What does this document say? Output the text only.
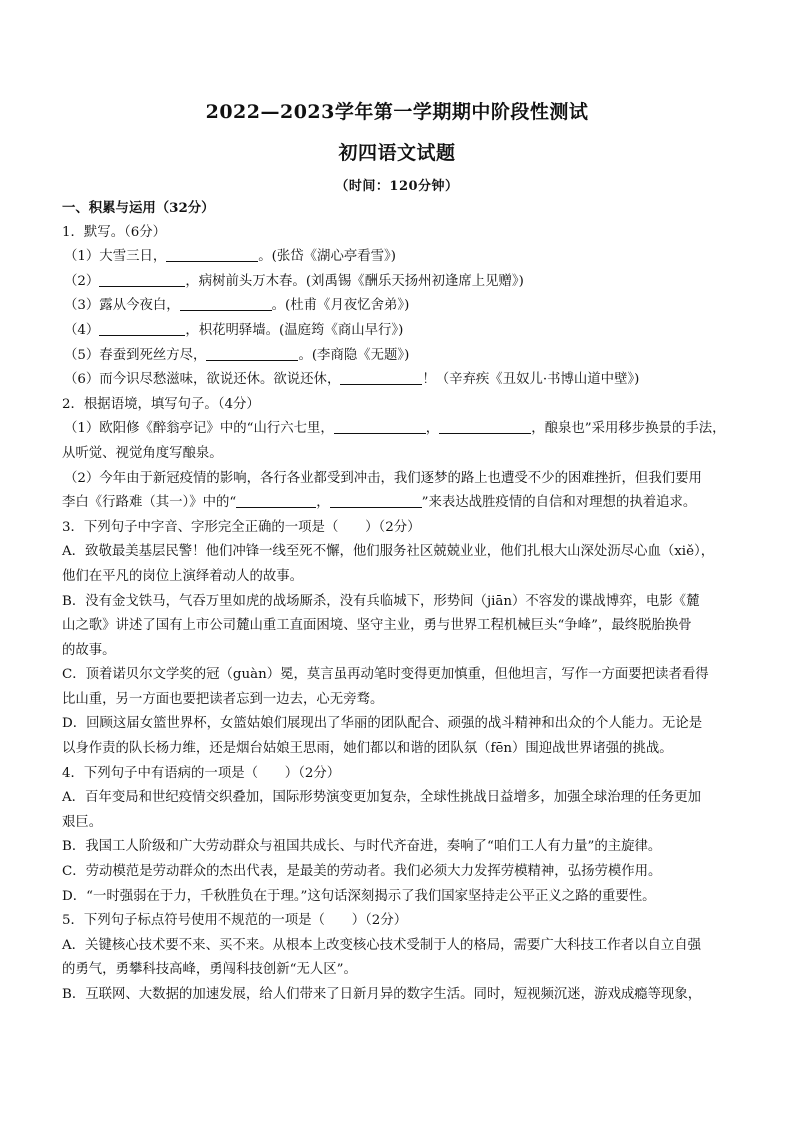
2022—2023学年第一学期期中阶段性测试
初四语文试题
（时间：120分钟）

一、积累与运用（32分）

1．默写。（6分）

（1）大雪三日，	。(张岱《湖心亭看雪》)

（2）	，病树前头万木春。(刘禹锡《酬乐天扬州初逢席上见赠》)

（3）露从今夜白，	。(杜甫《月夜忆舍弟》)

（4）	，枳花明驿墙。(温庭筠《商山早行》)

（5）春蚕到死丝方尽，	。(李商隐《无题》)

（6）而今识尽愁滋味，欲说还休。欲说还休，	！（辛弃疾《丑奴儿·书博山道中壁》)

2．根据语境，填写句子。（4分）

（1）欧阳修《醉翁亭记》中的“山行六七里，	，	，酿泉也”采用移步换景的手法，

从听觉、视觉角度写酿泉。

（2）今年由于新冠疫情的影响，各行各业都受到冲击，我们逐梦的路上也遭受不少的困难挫折，但我们要用

李白《行路难（其一）》中的“	，	”来表达战胜疫情的自信和对理想的执着追求。

3．下列句子中字音、字形完全正确的一项是（　　）（2分）

A．致敬最美基层民警！他们冲锋一线至死不懈，他们服务社区兢兢业业，他们扎根大山深处沥尽心血（xiě），

他们在平凡的岗位上演绎着动人的故事。

B．没有金戈铁马，气吞万里如虎的战场厮杀，没有兵临城下，形势间（jiān）不容发的谍战博弈，电影《麓

山之歌》讲述了国有上市公司麓山重工直面困境、坚守主业，勇与世界工程机械巨头“争峰”，最终脱胎换骨

的故事。

C．顶着诺贝尔文学奖的冠（guàn）冕，莫言虽再动笔时变得更加慎重，但他坦言，写作一方面要把读者看得

比山重，另一方面也要把读者忘到一边去，心无旁骛。

D．回顾这届女篮世界杯，女篮姑娘们展现出了华丽的团队配合、顽强的战斗精神和出众的个人能力。无论是

以身作责的队长杨力维，还是烟台姑娘王思雨，她们都以和谐的团队氛（fēn）围迎战世界诸强的挑战。

4．下列句子中有语病的一项是（　　）（2分）

A．百年变局和世纪疫情交织叠加，国际形势演变更加复杂，全球性挑战日益增多，加强全球治理的任务更加

艰巨。

B．我国工人阶级和广大劳动群众与祖国共成长、与时代齐奋进，奏响了“咱们工人有力量”的主旋律。

C．劳动模范是劳动群众的杰出代表，是最美的劳动者。我们必须大力发挥劳模精神，弘扬劳模作用。

D．“一时强弱在于力，千秋胜负在于理。”这句话深刻揭示了我们国家坚持走公平正义之路的重要性。

5．下列句子标点符号使用不规范的一项是（　　）（2分）

A．关键核心技术要不来、买不来。从根本上改变核心技术受制于人的格局，需要广大科技工作者以自立自强

的勇气，勇攀科技高峰，勇闯科技创新“无人区”。

B．互联网、大数据的加速发展，给人们带来了日新月异的数字生活。同时，短视频沉迷，游戏成瘾等现象，
